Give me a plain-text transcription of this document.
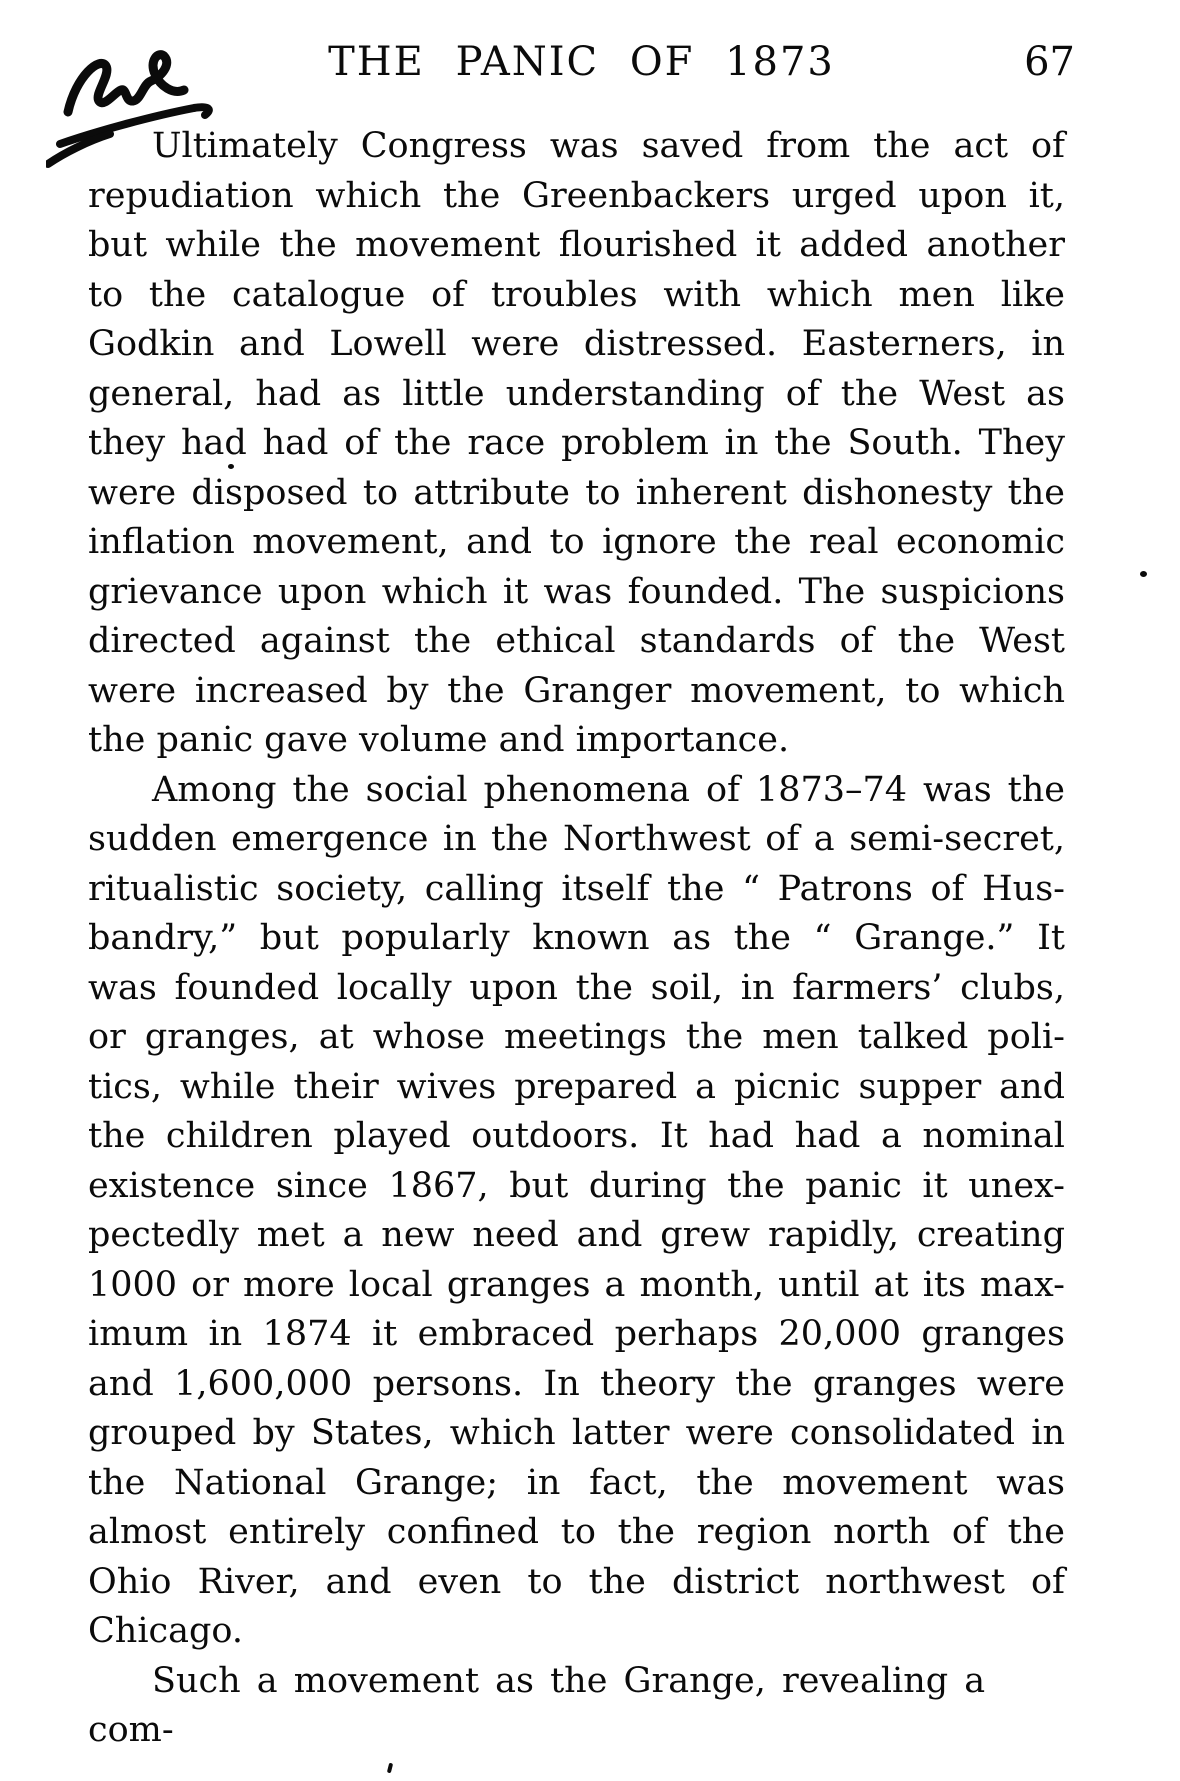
THE PANIC OF 1873	67
Ultimately Congress was saved from the act of
repudiation which the Greenbackers urged upon it,
but while the movement flourished it added another
to the catalogue of troubles with which men like
Godkin and Lowell were distressed. Easterners, in
general, had as little understanding of the West as
they had had of the race problem in the South. They
were disposed to attribute to inherent dishonesty the
inflation movement, and to ignore the real economic
grievance upon which it was founded. The suspicions
directed against the ethical standards of the West
were increased by the Granger movement, to which
the panic gave volume and importance.
Among the social phenomena of 1873–74 was the
sudden emergence in the Northwest of a semi-secret,
ritualistic society, calling itself the “ Patrons of Hus-
bandry,” but popularly known as the “ Grange.” It
was founded locally upon the soil, in farmers’ clubs,
or granges, at whose meetings the men talked poli-
tics, while their wives prepared a picnic supper and
the children played outdoors. It had had a nominal
existence since 1867, but during the panic it unex-
pectedly met a new need and grew rapidly, creating
1000 or more local granges a month, until at its max-
imum in 1874 it embraced perhaps 20,000 granges
and 1,600,000 persons. In theory the granges were
grouped by States, which latter were consolidated in
the National Grange; in fact, the movement was
almost entirely confined to the region north of the
Ohio River, and even to the district northwest of
Chicago.
Such a movement as the Grange, revealing a com-
